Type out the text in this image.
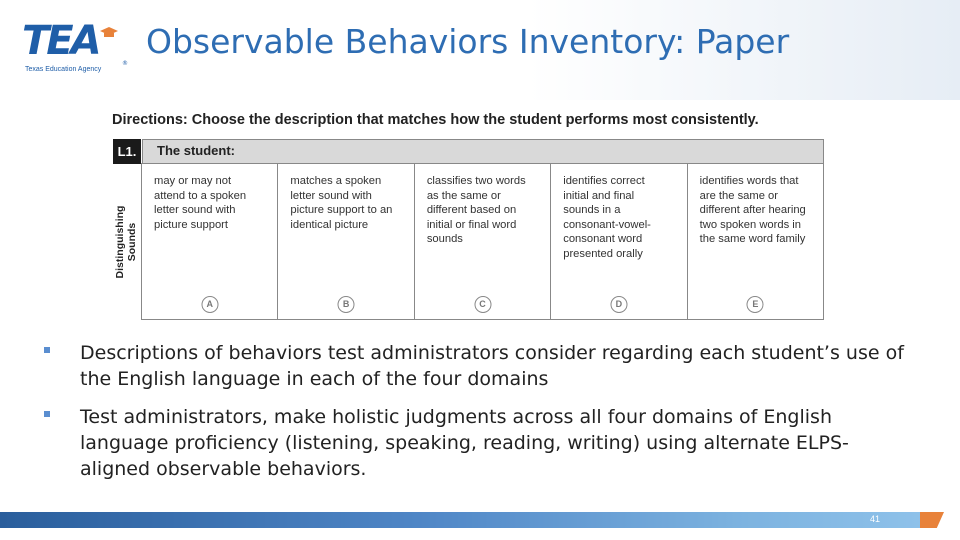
TEA	®
Texas Education Agency
Observable Behaviors Inventory: Paper
Directions: Choose the description that matches how the student performs most consistently.
L1.	The student:
Distinguishing
Sounds
may or may not
attend to a spoken
letter sound with
picture support
A
matches a spoken
letter sound with
picture support to an
identical picture
B
classifies two words
as the same or
different based on
initial or final word
sounds
C
identifies correct
initial and final
sounds in a
consonant-vowel-
consonant word
presented orally
D
identifies words that
are the same or
different after hearing
two spoken words in
the same word family
E
Descriptions of behaviors test administrators consider regarding each student’s use of the English language in each of the four domains
Test administrators, make holistic judgments across all four domains of English language proficiency (listening, speaking, reading, writing) using alternate ELPS-aligned observable behaviors.
41
